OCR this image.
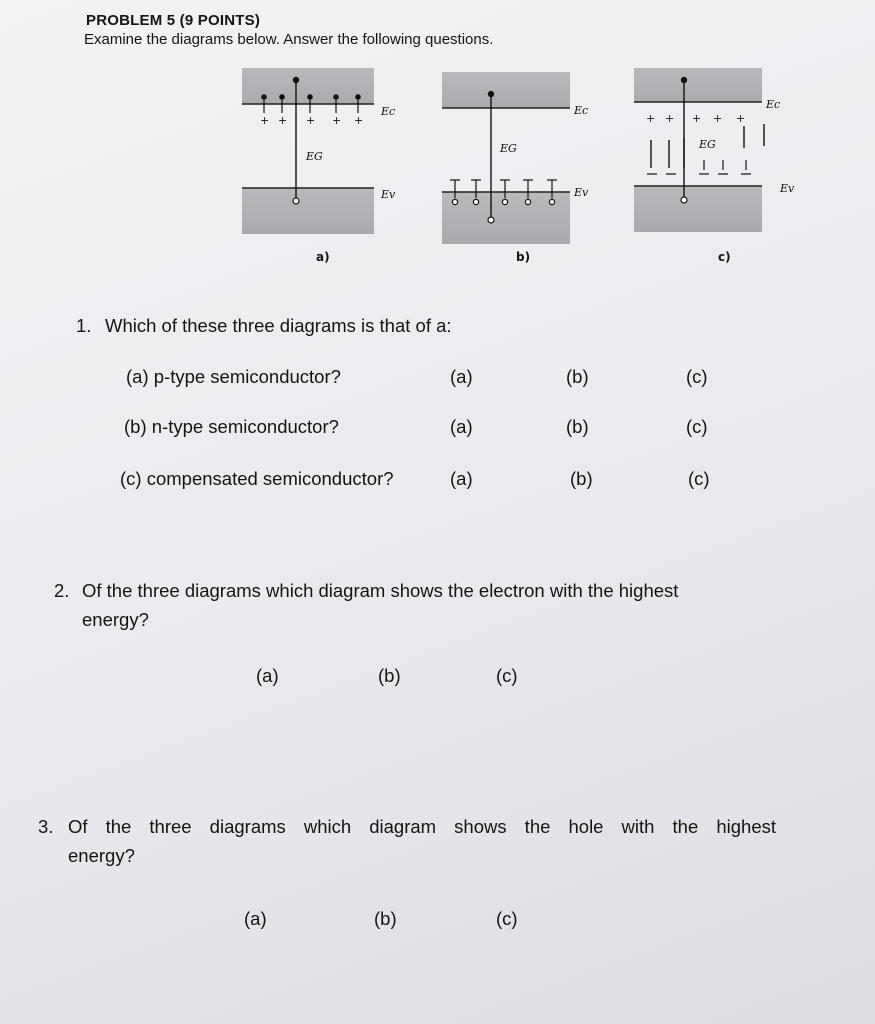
PROBLEM 5 (9 POINTS)
Examine the diagrams below. Answer the following questions.
+ + + + +
Ec
Ev
EG
Ec
Ev
EG
+ + + + +
Ec
Ev
EG
a)	b)	c)
1. Which of these three diagrams is that of a:
(a) p-type semiconductor?	(a)	(b)	(c)
(b) n-type semiconductor?	(a)	(b)	(c)
(c) compensated semiconductor?	(a)	(b)	(c)
2. Of the three diagrams which diagram shows the electron with the highest
energy?
(a)	(b)	(c)
3. Of the three diagrams which diagram shows the hole with the highest
energy?
(a)	(b)	(c)
